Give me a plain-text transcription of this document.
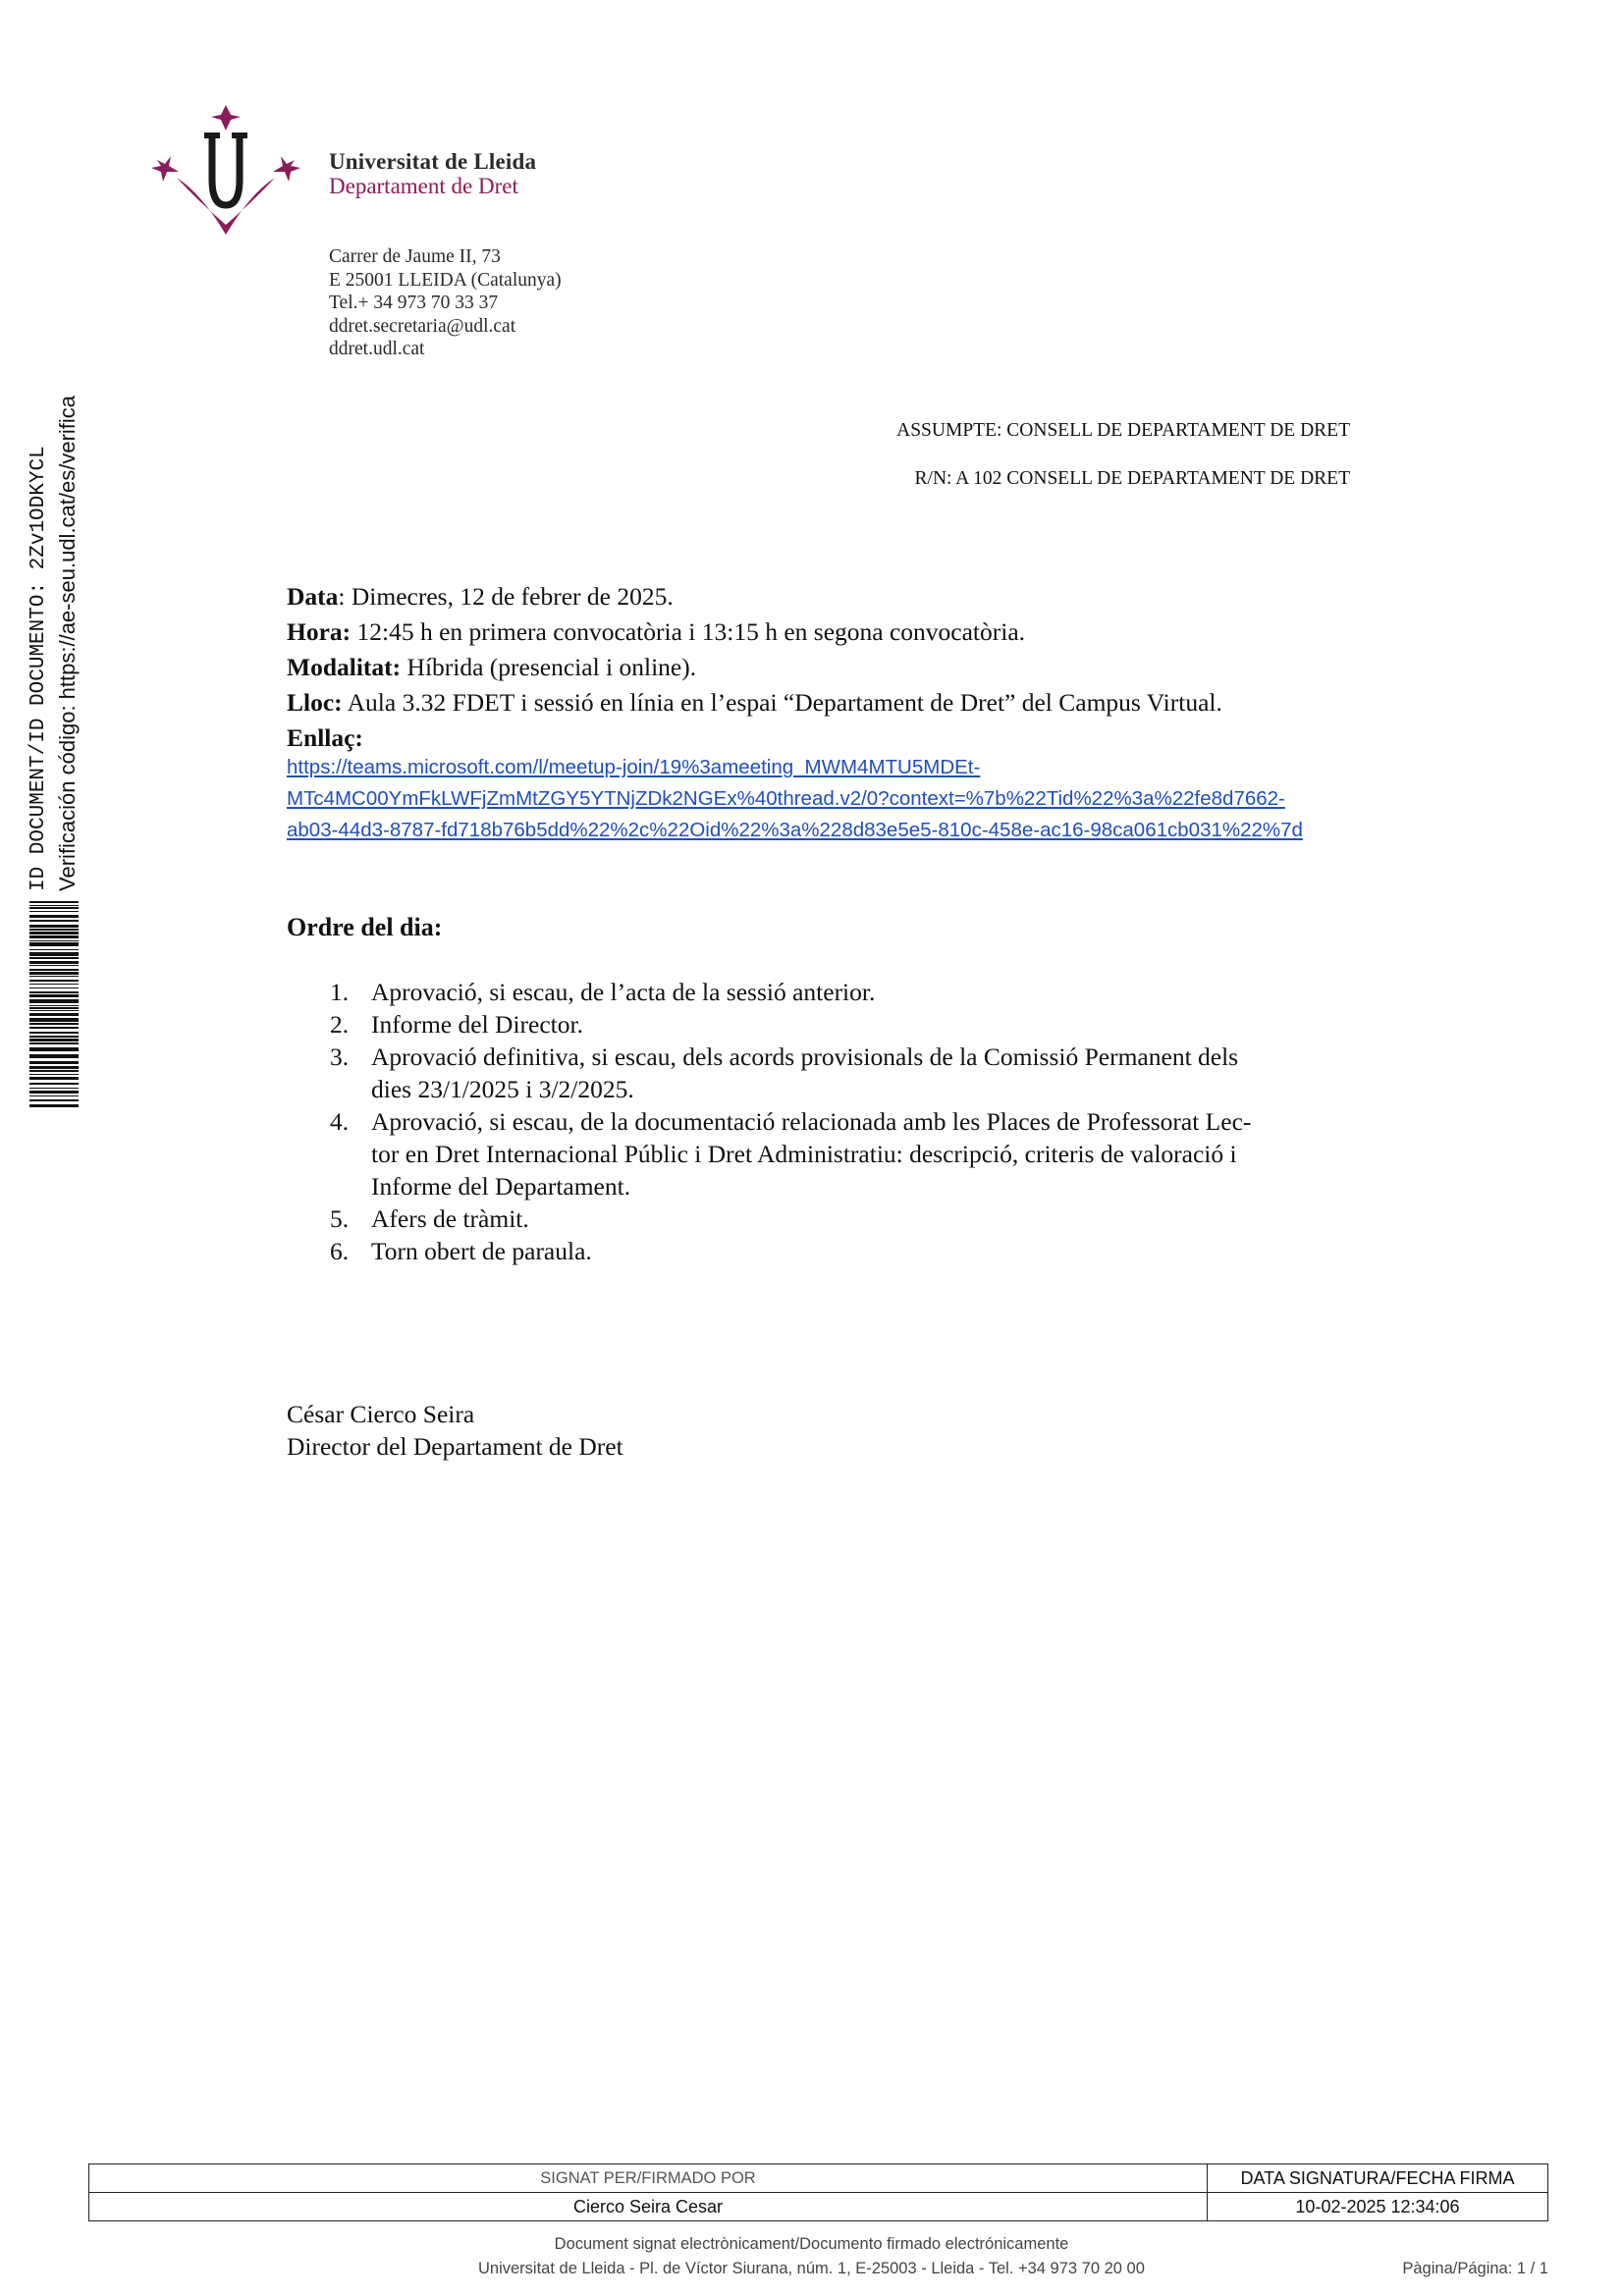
Universitat de Lleida
Departament de Dret
Carrer de Jaume II, 73
E 25001 LLEIDA (Catalunya)
Tel.+ 34 973 70 33 37
ddret.secretaria@udl.cat
ddret.udl.cat
ID DOCUMENT/ID DOCUMENTO: 2Zv1ODKYCL Verificación código: https://ae-seu.udl.cat/es/verifica	ASSUMPTE: CONSELL DE DEPARTAMENT DE DRET
R/N: A 102 CONSELL DE DEPARTAMENT DE DRET
Data: Dimecres, 12 de febrer de 2025.
Hora: 12:45 h en primera convocatòria i 13:15 h en segona convocatòria.
Modalitat: Híbrida (presencial i online).
Lloc: Aula 3.32 FDET i sessió en línia en l’espai “Departament de Dret” del Campus Virtual.
Enllaç:
https://teams.microsoft.com/l/meetup-join/19%3ameeting_MWM4MTU5MDEt-
MTc4MC00YmFkLWFjZmMtZGY5YTNjZDk2NGEx%40thread.v2/0?context=%7b%22Tid%22%3a%22fe8d7662-
ab03-44d3-8787-fd718b76b5dd%22%2c%22Oid%22%3a%228d83e5e5-810c-458e-ac16-98ca061cb031%22%7d
Ordre del dia:
1. Aprovació, si escau, de l’acta de la sessió anterior.
2. Informe del Director.
3. Aprovació definitiva, si escau, dels acords provisionals de la Comissió Permanent dels
dies 23/1/2025 i 3/2/2025.
4. Aprovació, si escau, de la documentació relacionada amb les Places de Professorat Lec-
tor en Dret Internacional Públic i Dret Administratiu: descripció, criteris de valoració i
Informe del Departament.
5. Afers de tràmit.
6. Torn obert de paraula.
César Cierco Seira
Director del Departament de Dret
SIGNAT PER/FIRMADO POR	DATA SIGNATURA/FECHA FIRMA
Cierco Seira Cesar	10-02-2025 12:34:06
Document signat electrònicament/Documento firmado electrónicamente
Universitat de Lleida - Pl. de Víctor Siurana, núm. 1, E-25003 - Lleida - Tel. +34 973 70 20 00	Pàgina/Página: 1 / 1
